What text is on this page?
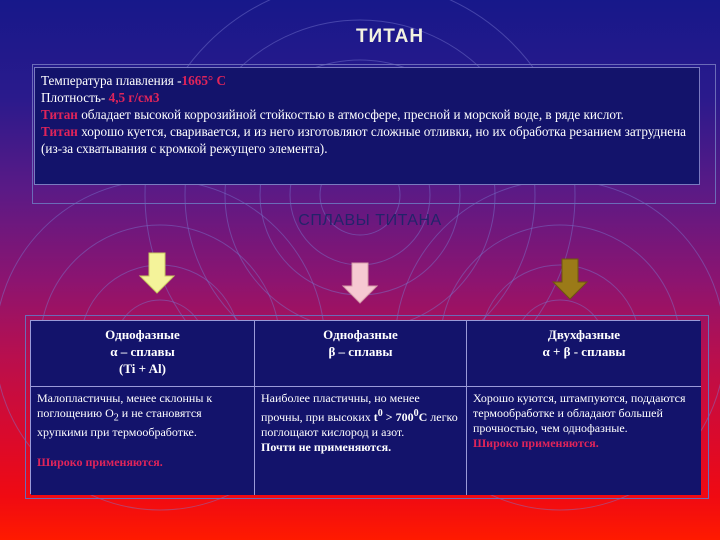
ТИТАН

Температура плавления -1665° С

Плотность- 4,5 г/см3

Титан обладает высокой коррозийной стойкостью в атмосфере, пресной и морской воде, в ряде кислот.

Титан хорошо куется, сваривается, и из него изготовляют сложные отливки, но их обработка резанием затруднена (из-за схватывания с кромкой режущего элемента).

СПЛАВЫ ТИТАНА
Однофазные
α – сплавы
(Ti + Al)
Однофазные
β – сплавы
Двухфазные
α + β - сплавы

Малопластичны, менее склонны к поглощению $О_2$ и не становятся хрупкими при термообработке.

Широко применяются.

Наиболее пластичны, но менее прочны, при высоких $t^0 > 700^0С$ легко поглощают кислород и азот.

Почти не применяются.

Хорошо куются, штампуются, поддаются термообработке и обладают большей прочностью, чем однофазные.

Широко применяются.
